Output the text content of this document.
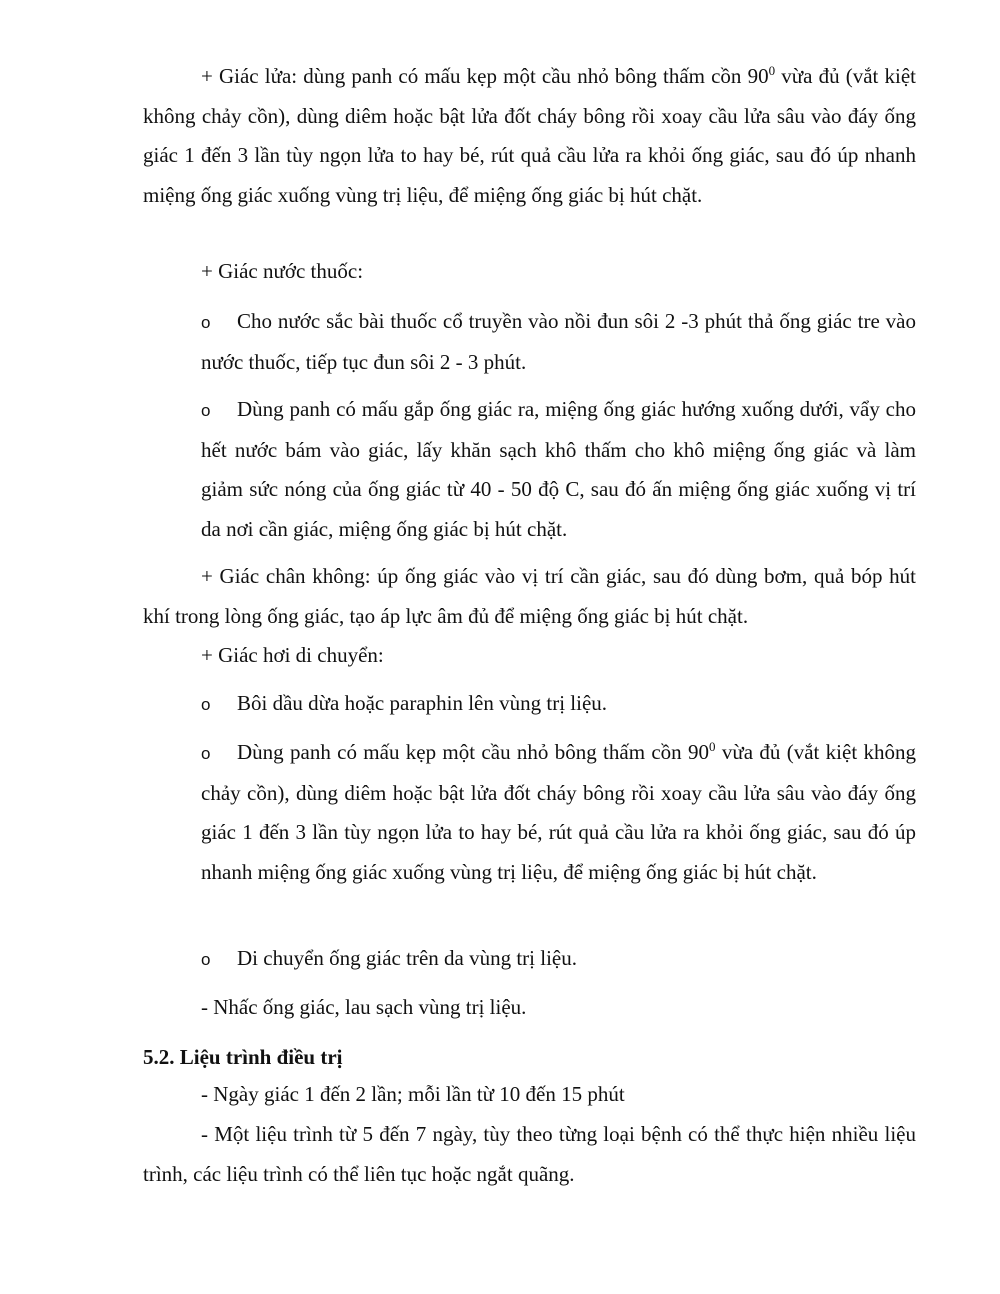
+ Giác lửa: dùng panh có mấu kẹp một cầu nhỏ bông thấm cồn $90^0$ vừa đủ (vắt kiệt không chảy cồn), dùng diêm hoặc bật lửa đốt cháy bông rồi xoay cầu lửa sâu vào đáy ống giác 1 đến 3 lần tùy ngọn lửa to hay bé, rút quả cầu lửa ra khỏi ống giác, sau đó úp nhanh miệng ống giác xuống vùng trị liệu, để miệng ống giác bị hút chặt.

+ Giác nước thuốc:

o Cho nước sắc bài thuốc cổ truyền vào nồi đun sôi 2 -3 phút thả ống giác tre vào nước thuốc, tiếp tục đun sôi 2 - 3 phút.

o Dùng panh có mấu gắp ống giác ra, miệng ống giác hướng xuống dưới, vẩy cho hết nước bám vào giác, lấy khăn sạch khô thấm cho khô miệng ống giác và làm giảm sức nóng của ống giác từ 40 - 50 độ C, sau đó ấn miệng ống giác xuống vị trí da nơi cần giác, miệng ống giác bị hút chặt.

+ Giác chân không: úp ống giác vào vị trí cần giác, sau đó dùng bơm, quả bóp hút khí trong lòng ống giác, tạo áp lực âm đủ để miệng ống giác bị hút chặt.

+ Giác hơi di chuyển:

o Bôi dầu dừa hoặc paraphin lên vùng trị liệu.

o Dùng panh có mấu kẹp một cầu nhỏ bông thấm cồn $90^0$ vừa đủ (vắt kiệt không chảy cồn), dùng diêm hoặc bật lửa đốt cháy bông rồi xoay cầu lửa sâu vào đáy ống giác 1 đến 3 lần tùy ngọn lửa to hay bé, rút quả cầu lửa ra khỏi ống giác, sau đó úp nhanh miệng ống giác xuống vùng trị liệu, để miệng ống giác bị hút chặt.

o Di chuyển ống giác trên da vùng trị liệu.

- Nhấc ống giác, lau sạch vùng trị liệu.

5.2. Liệu trình điều trị

- Ngày giác 1 đến 2 lần; mỗi lần từ 10 đến 15 phút

- Một liệu trình từ 5 đến 7 ngày, tùy theo từng loại bệnh có thể thực hiện nhiều liệu trình, các liệu trình có thể liên tục hoặc ngắt quãng.
